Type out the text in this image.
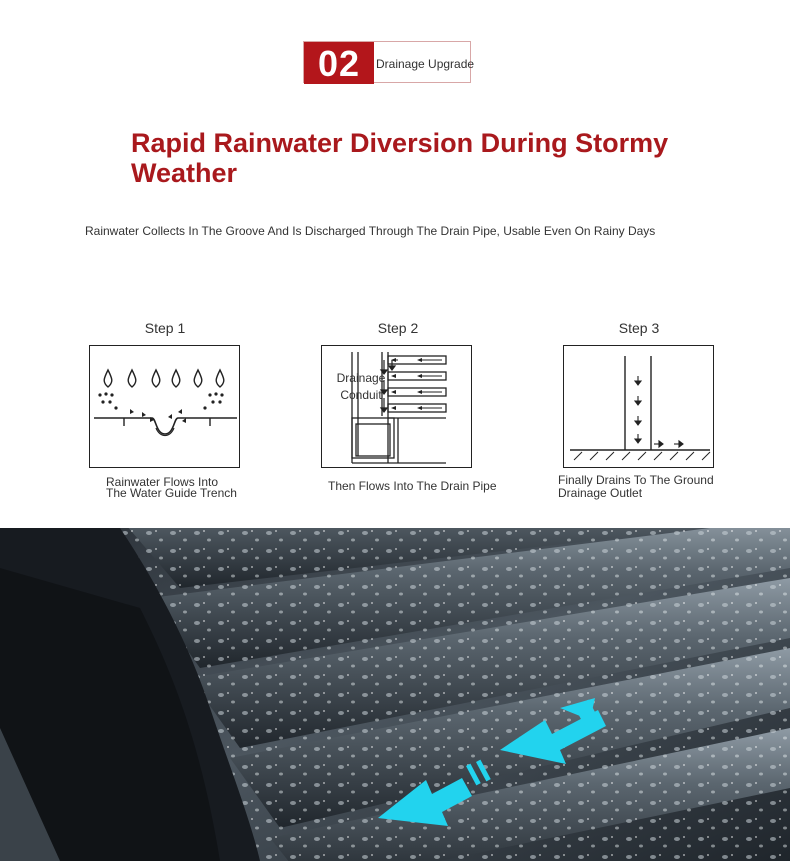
02	Drainage Upgrade
Rapid Rainwater Diversion During Stormy Weather
Rainwater Collects In The Groove And Is Discharged Through The Drain Pipe, Usable Even On Rainy Days
Step 1
Rainwater Flows Into
The Water Guide Trench
Step 2
Drainage
Conduit
Then Flows Into The Drain Pipe
Step 3
Finally Drains To The Ground
Drainage Outlet
